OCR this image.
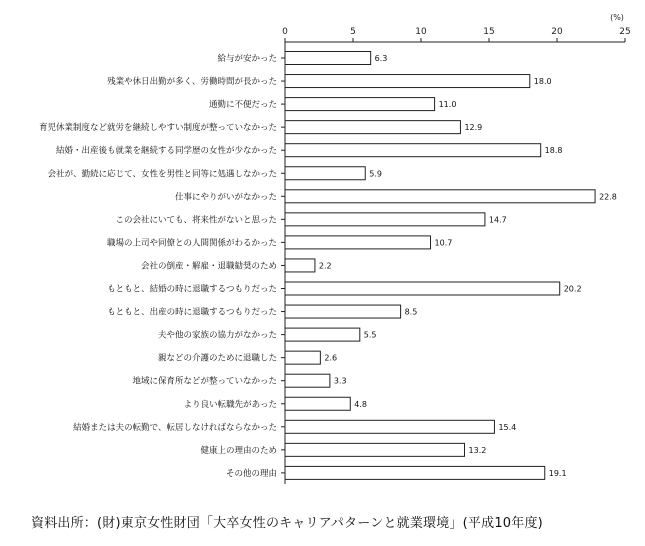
(%)
0	5	10	15	20	25
給与が安かった	6.3
残業や休日出勤が多く、労働時間が長かった	18.0
通勤に不便だった	11.0
育児休業制度など就労を継続しやすい制度が整っていなかった	12.9
結婚・出産後も就業を継続する同学歴の女性が少なかった	18.8
会社が、勤続に応じて、女性を男性と同等に処遇しなかった	5.9
仕事にやりがいがなかった	22.8
この会社にいても、将来性がないと思った	14.7
職場の上司や同僚との人間関係がわるかった	10.7
会社の倒産・解雇・退職勧奨のため	2.2
もともと、結婚の時に退職するつもりだった	20.2
もともと、出産の時に退職するつもりだった	8.5
夫や他の家族の協力がなかった	5.5
親などの介護のために退職した	2.6
地域に保育所などが整っていなかった	3.3
より良い転職先があった	4.8
結婚または夫の転勤で、転居しなければならなかった	15.4
健康上の理由のため	13.2
その他の理由	19.1
資料出所：(財)東京女性財団「大卒女性のキャリアパターンと就業環境」(平成10年度)
